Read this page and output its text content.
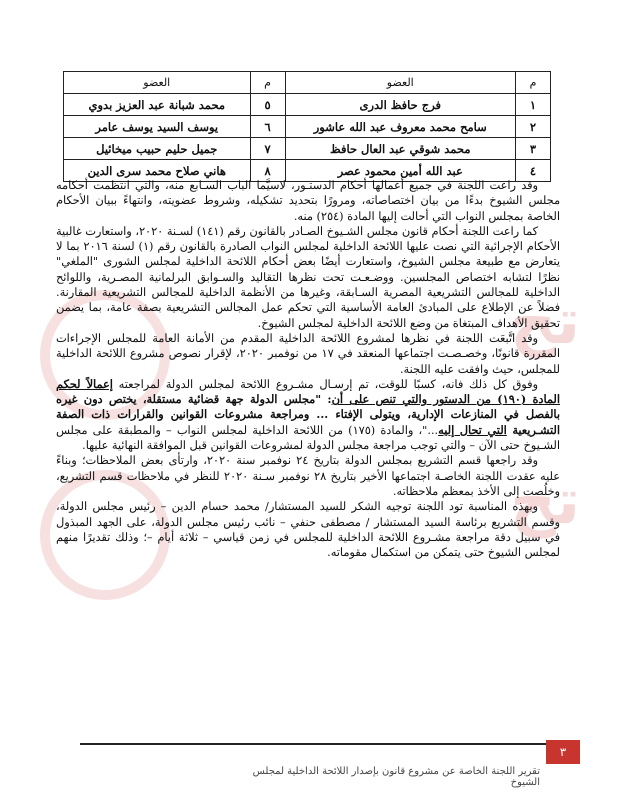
تح
تح
م	العضو	م	العضو
١	فرج حافظ الدرى	٥	محمد شبانة عبد العزيز بدوي
٢	سامح محمد معروف عبد الله عاشور	٦	يوسف السيد يوسف عامر
٣	محمد شوقي عبد العال حافظ	٧	جميل حليم حبيب ميخائيل
٤	عبد الله أمين محمود عصر	٨	هاني صلاح محمد سرى الدين

وقد راعت اللجنة في جميع أعمالها أحكام الدستـور، لاسيَّما الباب السـابع منه، والتي انتظمت أحكامه مجلس الشيوخ بدءًا من بيان اختصاصاته، ومرورًا بتحديد تشكيله، وشروط عضويته، وانتهاءً ببيان الأحكام الخاصة بمجلس النواب التي أحالت إليها المادة (٢٥٤) منه.

كما راعت اللجنة أحكام قانون مجلس الشـيوخ الصـادر بالقانون رقم (١٤١) لسـنة ٢٠٢٠، واستعارت غالبية الأحكام الإجرائية التي نصت عليها اللائحة الداخلية لمجلس النواب الصادرة بالقانون رقم (١) لسنة ٢٠١٦ بما لا يتعارض مع طبيعة مجلس الشيوخ، واستعارت أيضًا بعض أحكام اللائحة الداخلية لمجلس الشورى "الملغي" نظرًا لتشابه اختصاص المجلسين. ووضـعـت تحت نظرها التقاليد والسـوابق البرلمانية المصـرية، واللوائح الداخلية للمجالس التشريعية المصرية السـابقة، وغيرها من الأنظمة الداخلية للمجالس التشريعية المقارنة. فضلاً عن الإطلاع على المبادئ العامة الأساسية التي تحكم عمل المجالس التشريعية بصفة عامة، بما يضمن تحقيق الأهداف المبتغاة من وضع اللائحة الداخلية لمجلس الشيوخ.

وقد اتَّبعَت اللجنة في نظرها لمشروع اللائحة الداخلية المقدم من الأمانة العامة للمجلس الإجراءات المقررة قانونًا، وخصـصـت اجتماعها المنعقد في ١٧ من نوفمبر ٢٠٢٠، لإقرار نصوص مشروع اللائحة الداخلية للمجلس، حيث وافقت عليه اللجنة.

وفوق كل ذلك فانه، كسبًا للوقت، تم إرسـال مشـروع اللائحة لمجلس الدولة لمراجعته إعمالاً لحكم المادة (١٩٠) من الدستور والتي تنص على أن: "مجلس الدولة جهة قضائية مستقلة، يختص دون غيره بالفصل في المنازعات الإدارية، ويتولى الإفتاء ... ومراجعة مشروعات القوانين والقرارات ذات الصفة التشـريعية التي تحال إليه..."، والمادة (١٧٥) من اللائحة الداخلية لمجلس النواب – والمطبقة على مجلس الشـيوخ حتى الآن – والتي توجب مراجعة مجلس الدولة لمشروعات القوانين قبل الموافقة النهائية عليها.

وقد راجعها قسم التشريع بمجلس الدولة بتاريخ ٢٤ نوفمبر سنة ٢٠٢٠، وارتأى بعض الملاحظات؛ وبناءً عليه عقدت اللجنة الخاصـة اجتماعها الأخير بتاريخ ٢٨ نوفمبر سـنة ٢٠٢٠ للنظر في ملاحظات قسم التشريع، وخلُصت إلى الأخذ بمعظم ملاحظاته.

وبهذه المناسبة تود اللجنة توجيه الشكر للسيد المستشار/ محمد حسام الدين – رئيس مجلس الدولة، وقسم التشريع برئاسة السيد المستشار / مصطفى حنفي – نائب رئيس مجلس الدولة، على الجهد المبذول في سبيل دقة مراجعة مشـروع اللائحة الداخلية للمجلس في زمن قياسي – ثلاثة أيام –؛ وذلك تقديرًا منهم لمجلس الشيوخ حتى يتمكن من استكمال مقوماته.

٣
تقرير اللجنة الخاصة عن مشروع قانون بإصدار اللائحة الداخلية لمجلس الشيوخ
